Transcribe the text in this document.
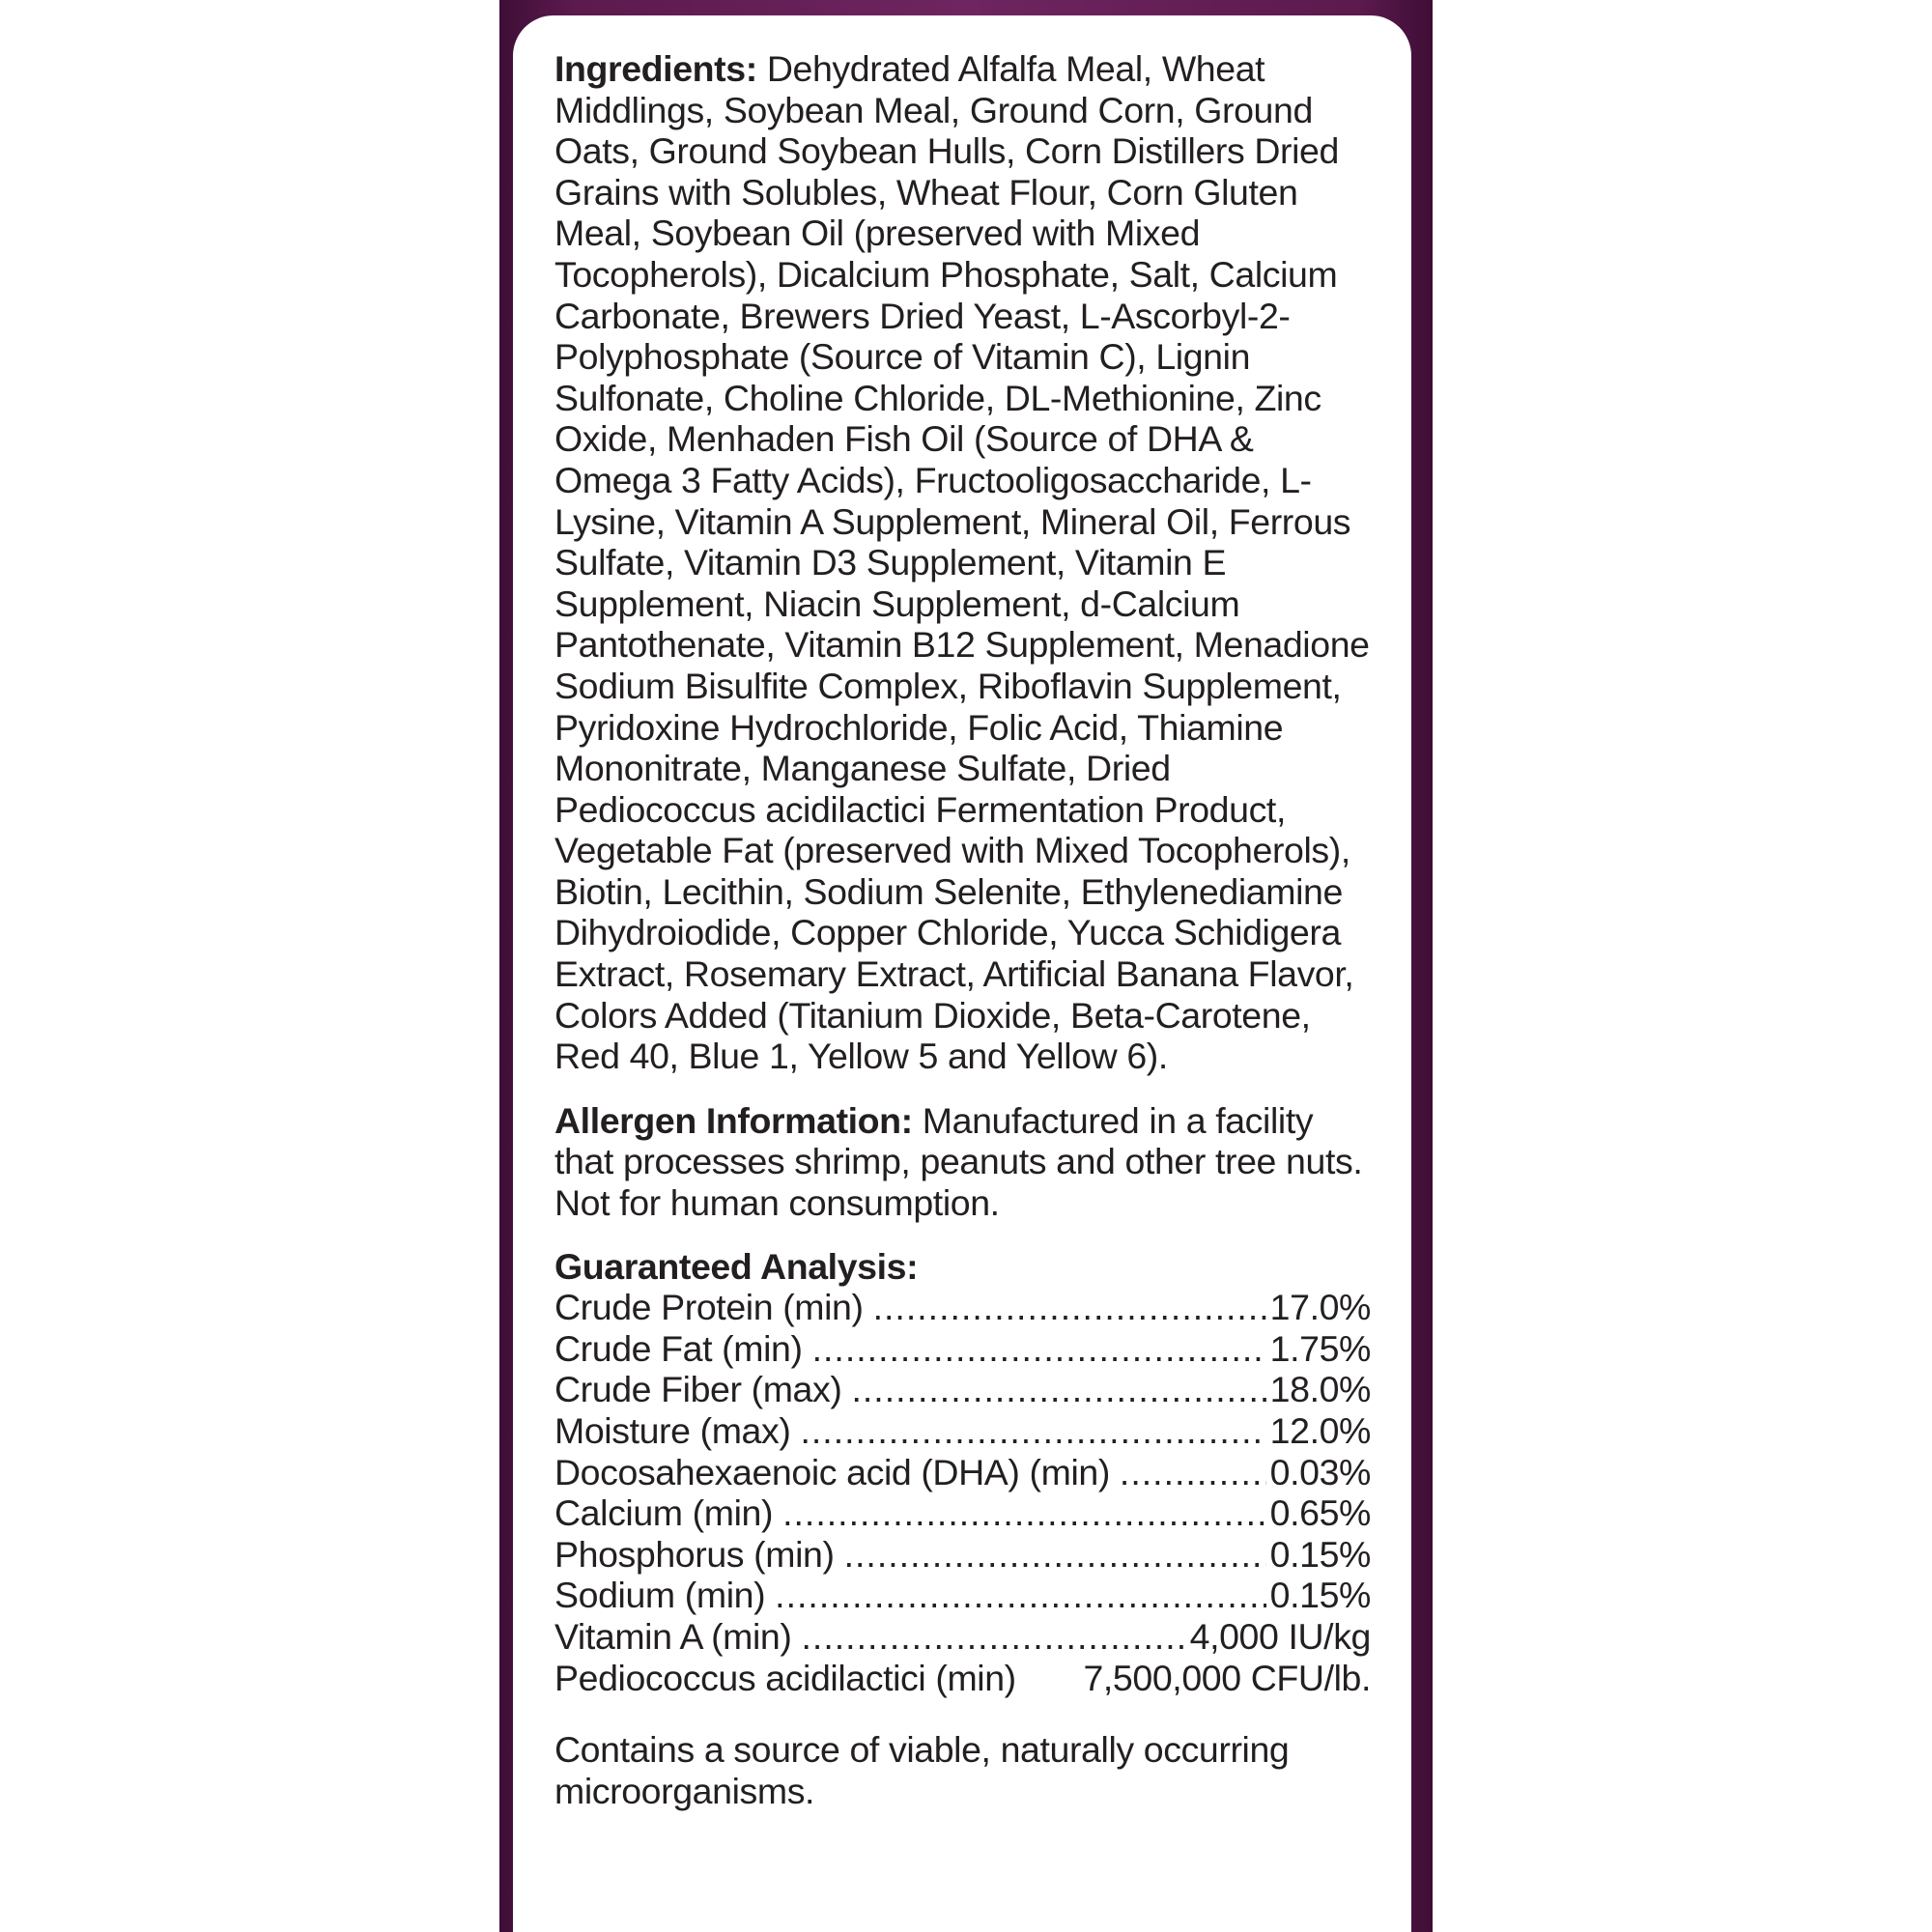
Ingredients: Dehydrated Alfalfa Meal, Wheat Middlings, Soybean Meal, Ground Corn, Ground Oats, Ground Soybean Hulls, Corn Distillers Dried Grains with Solubles, Wheat Flour, Corn Gluten Meal, Soybean Oil (preserved with Mixed Tocopherols), Dicalcium Phosphate, Salt, Calcium Carbonate, Brewers Dried Yeast, L-Ascorbyl-2-Polyphosphate (Source of Vitamin C), Lignin Sulfonate, Choline Chloride, DL-Methionine, Zinc Oxide, Menhaden Fish Oil (Source of DHA & Omega 3 Fatty Acids), Fructooligosaccharide, L-Lysine, Vitamin A Supplement, Mineral Oil, Ferrous Sulfate, Vitamin D3 Supplement, Vitamin E Supplement, Niacin Supplement, d-Calcium Pantothenate, Vitamin B12 Supplement, Menadione Sodium Bisulfite Complex, Riboflavin Supplement, Pyridoxine Hydrochloride, Folic Acid, Thiamine Mononitrate, Manganese Sulfate, Dried Pediococcus acidilactici Fermentation Product, Vegetable Fat (preserved with Mixed Tocopherols), Biotin, Lecithin, Sodium Selenite, Ethylenediamine Dihydroiodide, Copper Chloride, Yucca Schidigera Extract, Rosemary Extract, Artificial Banana Flavor, Colors Added (Titanium Dioxide, Beta-Carotene, Red 40, Blue 1, Yellow 5 and Yellow 6).

Allergen Information: Manufactured in a facility that processes shrimp, peanuts and other tree nuts. Not for human consumption.

Guaranteed Analysis:
Crude Protein (min) .....	17.0%
Crude Fat (min) .....	1.75%
Crude Fiber (max) .....	18.0%
Moisture (max) .....	12.0%
Docosahexaenoic acid (DHA) (min) .....	0.03%
Calcium (min) .....	0.65%
Phosphorus (min) .....	0.15%
Sodium (min) .....	0.15%
Vitamin A (min) .....	4,000 IU/kg
Pediococcus acidilactici (min) 7,500,000 CFU/lb.

Contains a source of viable, naturally occurring microorganisms.
